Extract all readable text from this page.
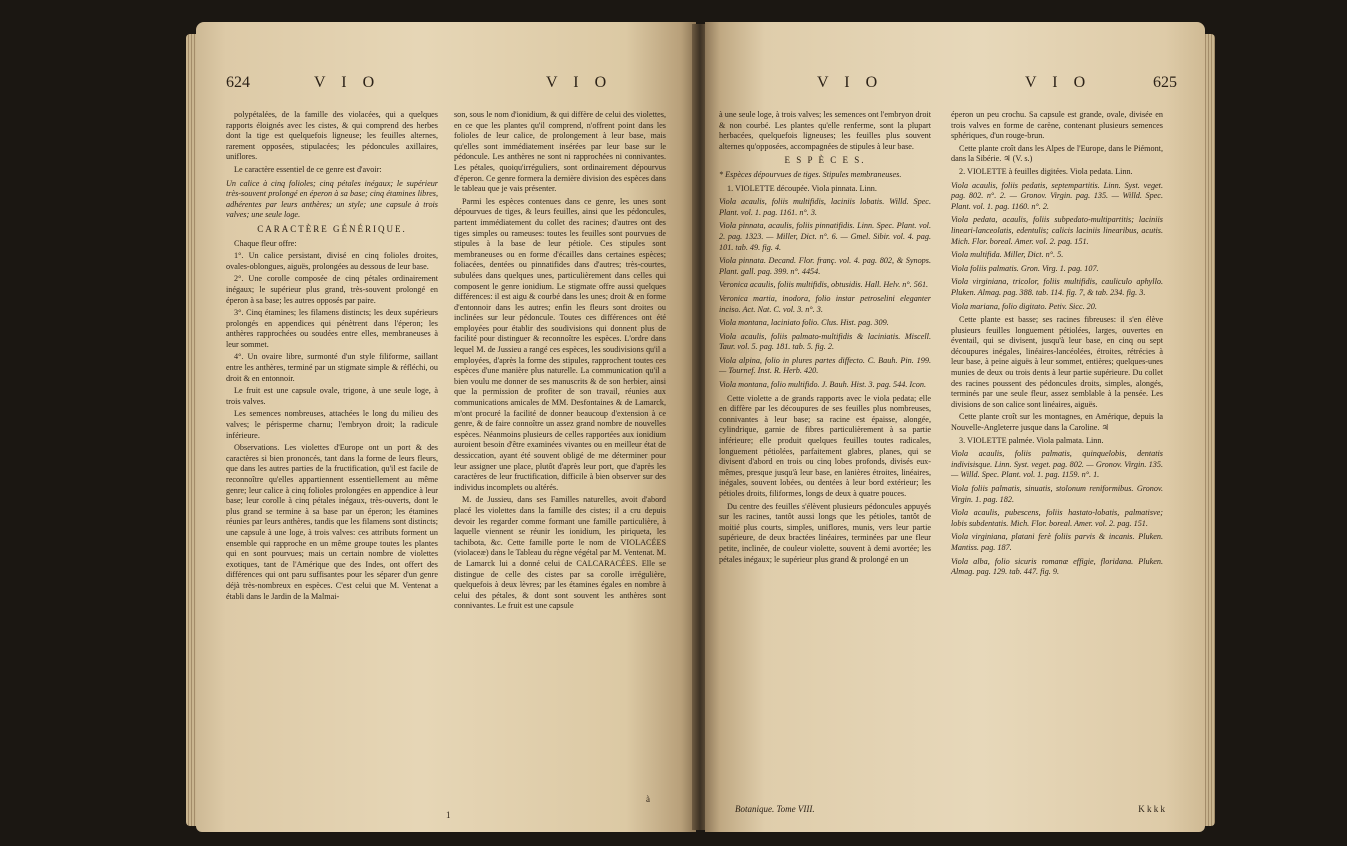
624	V I O	V I O

polypétalées, de la famille des violacées, qui a quelques rapports éloignés avec les cistes, & qui comprend des herbes dont la tige est quelquefois ligneuse; les feuilles alternes, rarement opposées, stipulacées; les pédoncules axillaires, uniflores.

Le caractère essentiel de ce genre est d'avoir:

Un calice à cinq folioles; cinq pétales inégaux; le supérieur très-souvent prolongé en éperon à sa base; cinq étamines libres, adhérentes par leurs anthères; un style; une capsule à trois valves; une seule loge.

CARACTÈRE GÉNÉRIQUE.

Chaque fleur offre:

1°. Un calice persistant, divisé en cinq folioles droites, ovales-oblongues, aiguës, prolongées au dessous de leur base.

2°. Une corolle composée de cinq pétales ordinairement inégaux; le supérieur plus grand, très-souvent prolongé en éperon à sa base; les autres opposés par paire.

3°. Cinq étamines; les filamens distincts; les deux supérieurs prolongés en appendices qui pénètrent dans l'éperon; les anthères rapprochées ou soudées entre elles, membraneuses à leur sommet.

4°. Un ovaire libre, surmonté d'un style filiforme, saillant entre les anthères, terminé par un stigmate simple & réfléchi, ou droit & en entonnoir.

Le fruit est une capsule ovale, trigone, à une seule loge, à trois valves.

Les semences nombreuses, attachées le long du milieu des valves; le périsperme charnu; l'embryon droit; la radicule inférieure.

Observations. Les violettes d'Europe ont un port & des caractères si bien prononcés, tant dans la forme de leurs fleurs, que dans les autres parties de la fructification, qu'il est facile de reconnoître qu'elles appartiennent essentiellement au même genre; leur calice à cinq folioles prolongées en appendice à leur base; leur corolle à cinq pétales inégaux, très-ouverts, dont le plus grand se termine à sa base par un éperon; les étamines réunies par leurs anthères, tandis que les filamens sont distincts; une capsule à une loge, à trois valves: ces attributs forment un ensemble qui rapproche en un même groupe toutes les plantes qui en sont pourvues; mais un certain nombre de violettes exotiques, tant de l'Amérique que des Indes, ont offert des différences qui ont paru suffisantes pour les séparer d'un genre déjà très-nombreux en espèces. C'est celui que M. Ventenat a établi dans le Jardin de la Malmai-

son, sous le nom d'ionidium, & qui diffère de celui des violettes, en ce que les plantes qu'il comprend, n'offrent point dans les folioles de leur calice, de prolongement à leur base, mais qu'elles sont immédiatement insérées par leur base sur le pédoncule. Les anthères ne sont ni rapprochées ni connivantes. Les pétales, quoiqu'irréguliers, sont ordinairement dépourvus d'éperon. Ce genre formera la dernière division des espèces dans le tableau que je vais présenter.

Parmi les espèces contenues dans ce genre, les unes sont dépourvues de tiges, & leurs feuilles, ainsi que les pédoncules, partent immédiatement du collet des racines; d'autres ont des tiges simples ou rameuses: toutes les feuilles sont pourvues de stipules à la base de leur pétiole. Ces stipules sont membraneuses ou en forme d'écailles dans certaines espèces; foliacées, dentées ou pinnatifides dans d'autres; très-courtes, subulées dans quelques unes, particulièrement dans celles qui composent le genre ionidium. Le stigmate offre aussi quelques différences: il est aigu & courbé dans les unes; droit & en forme d'entonnoir dans les autres; enfin les fleurs sont droites ou inclinées sur leur pédoncule. Toutes ces différences ont été employées pour établir des soudivisions qui donnent plus de facilité pour distinguer & reconnoître les espèces. L'ordre dans lequel M. de Jussieu a rangé ces espèces, les soudivisions qu'il a employées, d'après la forme des stipules, rapprochent toutes ces espèces d'une manière plus naturelle. La communication qu'il a bien voulu me donner de ses manuscrits & de son herbier, ainsi que la permission de profiter de son travail, réunies aux communications amicales de MM. Desfontaines & de Lamarck, m'ont procuré la facilité de donner beaucoup d'extension à ce genre, & de faire connoître un assez grand nombre de nouvelles espèces. Néanmoins plusieurs de celles rapportées aux ionidium auroient besoin d'être examinées vivantes ou en meilleur état de dessiccation, ayant été souvent obligé de me déterminer pour leur assigner une place, plutôt d'après leur port, que d'après les caractères de leur fructification, difficile à bien observer sur des individus incomplets ou altérés.

M. de Jussieu, dans ses Familles naturelles, avoit d'abord placé les violettes dans la famille des cistes; il a cru depuis devoir les regarder comme formant une famille particulière, à laquelle viennent se réunir les ionidium, les piriqueta, les tachibota, &c. Cette famille porte le nom de VIOLACÉES (violaceæ) dans le Tableau du règne végétal par M. Ventenat. M. de Lamarck lui a donné celui de CALCARACÉES. Elle se distingue de celle des cistes par sa corolle irrégulière, quelquefois à deux lèvres; par les étamines égales en nombre à celui des pétales, & dont sont souvent les anthères sont connivantes. Le fruit est une capsule

à
1
V I O	V I O	625

à une seule loge, à trois valves; les semences ont l'embryon droit & non courbé. Les plantes qu'elle renferme, sont la plupart herbacées, quelquefois ligneuses; les feuilles plus souvent alternes qu'opposées, accompagnées de stipules à leur base.

E S P È C E S.

* Espèces dépourvues de tiges. Stipules membraneuses.

1. VIOLETTE découpée. Viola pinnata. Linn.

Viola acaulis, foliis multifidis, laciniis lobatis. Willd. Spec. Plant. vol. 1. pag. 1161. n°. 3.

Viola pinnata, acaulis, foliis pinnatifidis. Linn. Spec. Plant. vol. 2. pag. 1323. — Miller, Dict. n°. 6. — Gmel. Sibir. vol. 4. pag. 101. tab. 49. fig. 4.

Viola pinnata. Decand. Flor. franç. vol. 4. pag. 802, & Synops. Plant. gall. pag. 399. n°. 4454.

Veronica acaulis, foliis multifidis, obtusidis. Hall. Helv. n°. 561.

Veronica martia, inodora, folio instar petroselini eleganter inciso. Act. Nat. C. vol. 3. n°. 3.

Viola montana, laciniato folio. Clus. Hist. pag. 309.

Viola acaulis, foliis palmato-multifidis & laciniatis. Miscell. Taur. vol. 5. pag. 181. tab. 5. fig. 2.

Viola alpina, folio in plures partes diffecto. C. Bauh. Pin. 199. — Tournef. Inst. R. Herb. 420.

Viola montana, folio multifido. J. Bauh. Hist. 3. pag. 544. Icon.

Cette violette a de grands rapports avec le viola pedata; elle en diffère par les découpures de ses feuilles plus nombreuses, connivantes à leur base; sa racine est épaisse, alongée, cylindrique, garnie de fibres particulièrement à sa partie inférieure; elle produit quelques feuilles toutes radicales, longuement pétiolées, parfaitement glabres, planes, qui se divisent d'abord en trois ou cinq lobes profonds, divisés eux-mêmes, presque jusqu'à leur base, en lanières étroites, linéaires, inégales, souvent lobées, ou dentées à leur bord extérieur; les pétioles droits, filiformes, longs de deux à quatre pouces.

Du centre des feuilles s'élèvent plusieurs pédoncules appuyés sur les racines, tantôt aussi longs que les pétioles, tantôt de moitié plus courts, simples, uniflores, munis, vers leur partie supérieure, de deux bractées linéaires, terminées par une fleur petite, inclinée, de couleur violette, souvent à demi avortée; les pétales inégaux; le supérieur plus grand & prolongé en un

éperon un peu crochu. Sa capsule est grande, ovale, divisée en trois valves en forme de carène, contenant plusieurs semences sphériques, d'un rouge-brun.

Cette plante croît dans les Alpes de l'Europe, dans le Piémont, dans la Sibérie. ♃ (V. s.)

2. VIOLETTE à feuilles digitées. Viola pedata. Linn.

Viola acaulis, foliis pedatis, septempartitis. Linn. Syst. veget. pag. 802. n°. 2. — Gronov. Virgin. pag. 135. — Willd. Spec. Plant. vol. 1. pag. 1160. n°. 2.

Viola pedata, acaulis, foliis subpedato-multipartitis; laciniis lineari-lanceolatis, edentulis; calicis laciniis linearibus, acutis. Mich. Flor. boreal. Amer. vol. 2. pag. 151.

Viola multifida. Miller, Dict. n°. 5.

Viola foliis palmatis. Gron. Virg. 1. pag. 107.

Viola virginiana, tricolor, foliis multifidis, cauliculo aphyllo. Pluken. Almag. pag. 388. tab. 114. fig. 7, & tab. 234. fig. 3.

Viola mariana, folio digitato. Petiv. Sicc. 20.

Cette plante est basse; ses racines fibreuses: il s'en élève plusieurs feuilles longuement pétiolées, larges, ouvertes en éventail, qui se divisent, jusqu'à leur base, en cinq ou sept découpures inégales, linéaires-lancéolées, étroites, rétrécies à leur base, à peine aiguës à leur sommet, entières; quelques-unes munies de deux ou trois dents à leur partie supérieure. Du collet des racines poussent des pédoncules droits, simples, alongés, terminés par une seule fleur, assez semblable à la pensée. Les divisions de son calice sont linéaires, aiguës.

Cette plante croît sur les montagnes, en Amérique, depuis la Nouvelle-Angleterre jusque dans la Caroline. ♃

3. VIOLETTE palmée. Viola palmata. Linn.

Viola acaulis, foliis palmatis, quinquelobis, dentatis indivisisque. Linn. Syst. veget. pag. 802. — Gronov. Virgin. 135. — Willd. Spec. Plant. vol. 1. pag. 1159. n°. 1.

Viola foliis palmatis, sinuatis, stolonum reniformibus. Gronov. Virgin. 1. pag. 182.

Viola acaulis, pubescens, foliis hastato-lobatis, palmatisve; lobis subdentatis. Mich. Flor. boreal. Amer. vol. 2. pag. 151.

Viola virginiana, platani ferè foliis parvis & incanis. Pluken. Mantiss. pag. 187.

Viola alba, folio sicuris romanæ effigie, floridana. Pluken. Almag. pag. 129. tab. 447. fig. 9.

Botanique. Tome VIII.	K k k k
